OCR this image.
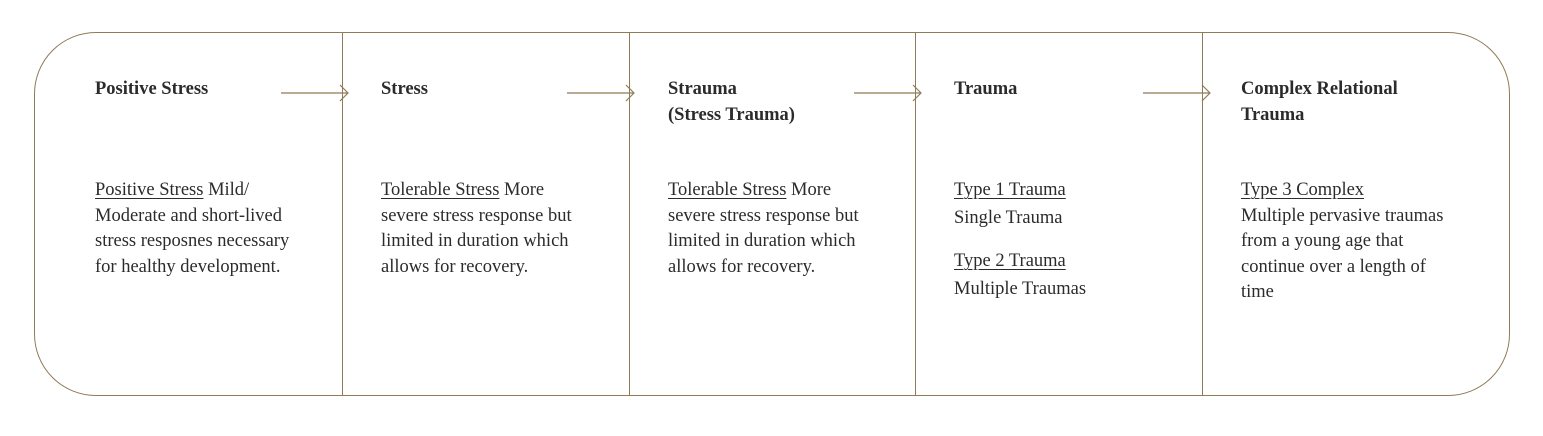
Positive Stress
Positive Stress Mild/ Moderate and short-lived stress resposnes necessary for healthy development.
Stress
Tolerable Stress More severe stress response but limited in duration which allows for recovery.
Strauma
(Stress Trauma)
Tolerable Stress More severe stress response but limited in duration which allows for recovery.
Trauma
Type 1 Trauma
Single Trauma
Type 2 Trauma
Multiple Traumas
Complex Relational
Trauma
Type 3 Complex
Multiple pervasive traumas from a young age that continue over a length of time
